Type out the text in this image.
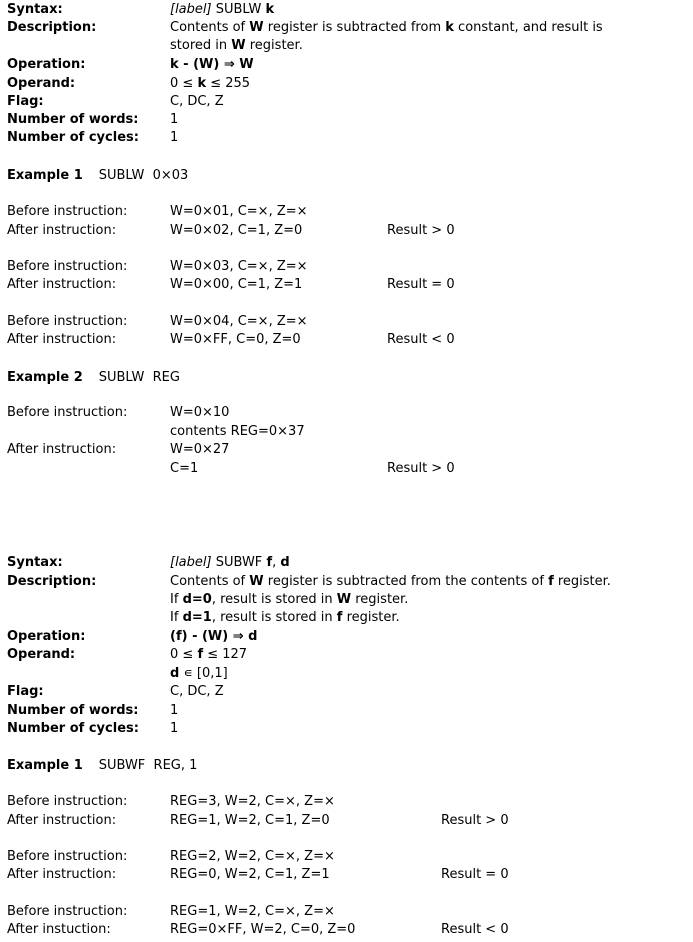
Syntax:	[label] SUBLW k
Description:	Contents of W register is subtracted from k constant, and result is
stored in W register.
Operation:	k - (W) ⇒ W
Operand:	0 ≤ k ≤ 255
Flag:	C, DC, Z
Number of words: 1
Number of cycles: 1
Example 1 SUBLW  0×03
Before instruction:	W=0×01, C=×, Z=×
After instruction:	W=0×02, C=1, Z=0	Result > 0
Before instruction:	W=0×03, C=×, Z=×
After instruction:	W=0×00, C=1, Z=1	Result = 0
Before instruction:	W=0×04, C=×, Z=×
After instruction:	W=0×FF, C=0, Z=0	Result < 0
Example 2 SUBLW  REG
Before instruction:	W=0×10
contents REG=0×37
After instruction:	W=0×27
C=1	Result > 0
Syntax:	[label] SUBWF f, d
Description:	Contents of W register is subtracted from the contents of f register.
If d=0, result is stored in W register.
If d=1, result is stored in f register.
Operation:	(f) - (W) ⇒ d
Operand:	0 ≤ f ≤ 127
d ∊ [0,1]
Flag:	C, DC, Z
Number of words: 1
Number of cycles: 1
Example 1 SUBWF  REG, 1
Before instruction:	REG=3, W=2, C=×, Z=×
After instruction:	REG=1, W=2, C=1, Z=0	Result > 0
Before instruction:	REG=2, W=2, C=×, Z=×
After instruction:	REG=0, W=2, C=1, Z=1	Result = 0
Before instruction:	REG=1, W=2, C=×, Z=×
After instuction:	REG=0×FF, W=2, C=0, Z=0	Result < 0
